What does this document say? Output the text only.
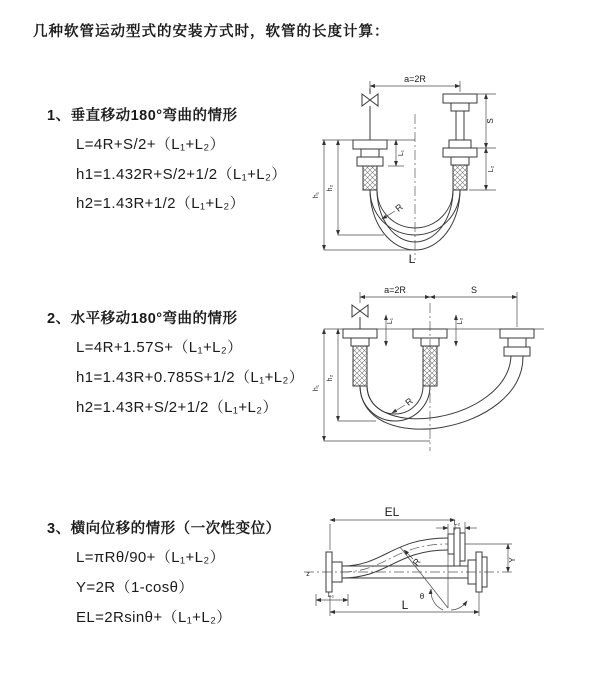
几种软管运动型式的安装方式时，软管的长度计算：
1、垂直移动180°弯曲的情形
L=4R+S/2+（L₁+L₂）
h1=1.432R+S/2+1/2（L₁+L₂）
h2=1.43R+1/2（L₁+L₂）
a=2R
L₁
S
L₂
h₂
h₁
R
L
2、水平移动180°弯曲的情形
L=4R+1.57S+（L₁+L₂）
h1=1.43R+0.785S+1/2（L₁+L₂）
h2=1.43R+S/2+1/2（L₁+L₂）
a=2R	S
L₁	L₂
h₂
h₁
R
3、横向位移的情形（一次性变位）
L=πRθ/90+（L₁+L₂）
Y=2R（1-cosθ）
EL=2Rsinθ+（L₁+L₂）
EL
L₂
Y
L
L₁
R
θ
z
